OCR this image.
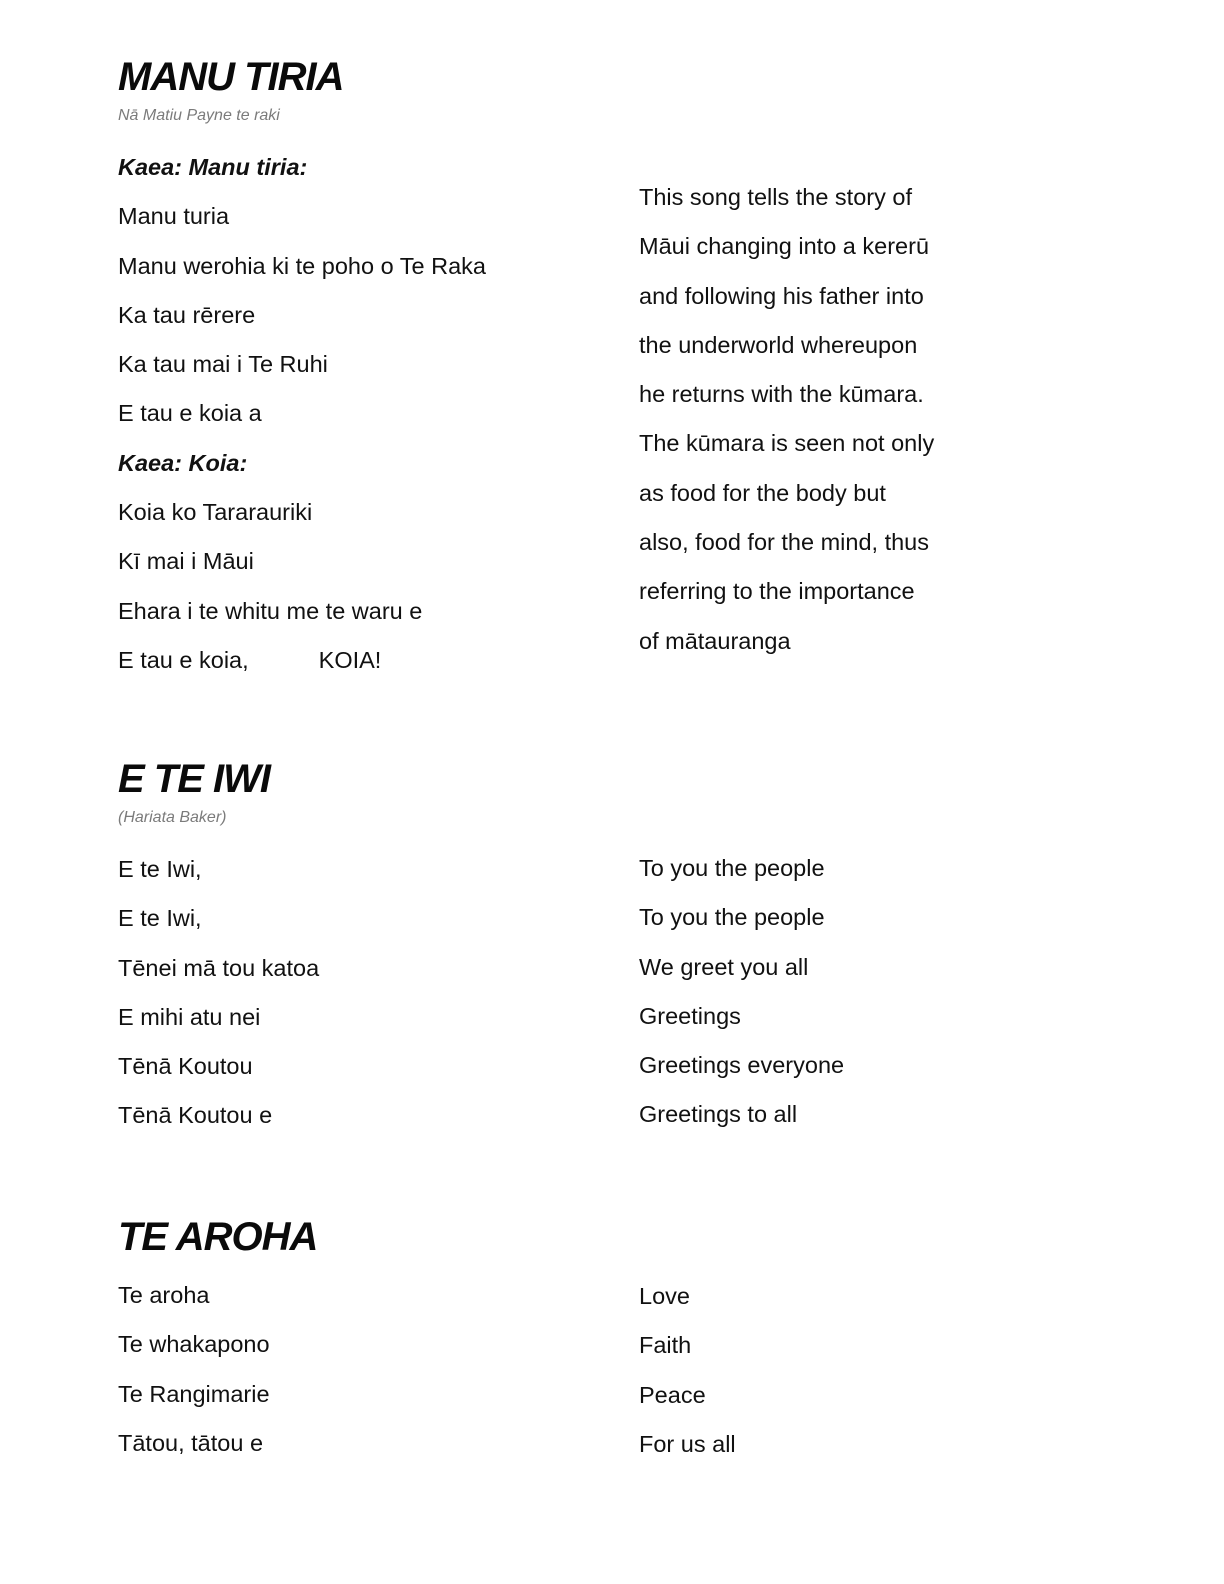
MANU TIRIA
Nā Matiu Payne te raki
Kaea: Manu tiria:
Manu turia
Manu werohia ki te poho o Te Raka
Ka tau rērere
Ka tau mai i Te Ruhi
E tau e koia a
Kaea: Koia:
Koia ko Tararauriki
Kī mai i Māui
Ehara i te whitu me te waru e
E tau e koia,	KOIA!
This song tells the story of
Māui changing into a kererū
and following his father into
the underworld whereupon
he returns with the kūmara.
The kūmara is seen not only
as food for the body but
also, food for the mind, thus
referring to the importance
of mātauranga
E TE IWI
(Hariata Baker)
E te Iwi,
E te Iwi,
Tēnei mā tou katoa
E mihi atu nei
Tēnā Koutou
Tēnā Koutou e
To you the people
To you the people
We greet you all
Greetings
Greetings everyone
Greetings to all
TE AROHA
Te aroha
Te whakapono
Te Rangimarie
Tātou, tātou e
Love
Faith
Peace
For us all
